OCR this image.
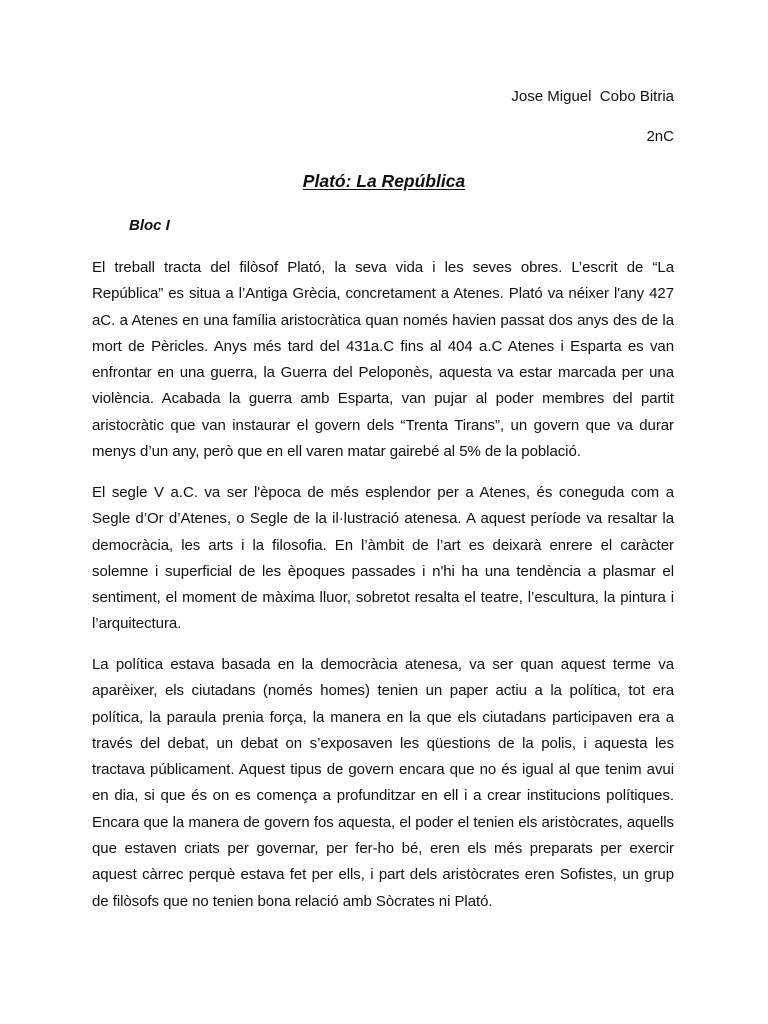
Jose Miguel  Cobo Bitria
2nC
Plató: La República
Bloc I

El treball tracta del filòsof Plató, la seva vida i les seves obres. L’escrit de “La República” es situa a l’Antiga Grècia, concretament a Atenes. Plató va néixer l'any 427 aC. a Atenes en una família aristocràtica quan només havien passat dos anys des de la mort de Pèricles. Anys més tard del 431a.C fins al 404 a.C Atenes i Esparta es van enfrontar en una guerra, la Guerra del Peloponès, aquesta va estar marcada per una violència. Acabada la guerra amb Esparta, van pujar al poder membres del partit aristocràtic que van instaurar el govern dels “Trenta Tirans”, un govern que va durar menys d’un any, però que en ell varen matar gairebé al 5% de la població.

El segle V a.C. va ser l'època de més esplendor per a Atenes, és coneguda com a Segle d’Or d’Atenes, o Segle de la il·lustració atenesa. A aquest període va resaltar la democràcia, les arts i la filosofia. En l’àmbit de l’art es deixarà enrere el caràcter solemne i superficial de les èpoques passades i n'hi ha una tendència a plasmar el sentiment, el moment de màxima lluor, sobretot resalta el teatre, l’escultura, la pintura i l’arquitectura.

La política estava basada en la democràcia atenesa, va ser quan aquest terme va aparèixer, els ciutadans (només homes) tenien un paper actiu a la política, tot era política, la paraula prenia força, la manera en la que els ciutadans participaven era a través del debat, un debat on s’exposaven les qüestions de la polis, i aquesta les tractava públicament. Aquest tipus de govern encara que no és igual al que tenim avui en dia, si que és on es comença a profunditzar en ell i a crear institucions polítiques. Encara que la manera de govern fos aquesta, el poder el tenien els aristòcrates, aquells que estaven criats per governar, per fer-ho bé, eren els més preparats per exercir aquest càrrec perquè estava fet per ells, i part dels aristòcrates eren Sofistes, un grup de filòsofs que no tenien bona relació amb Sòcrates ni Plató.
